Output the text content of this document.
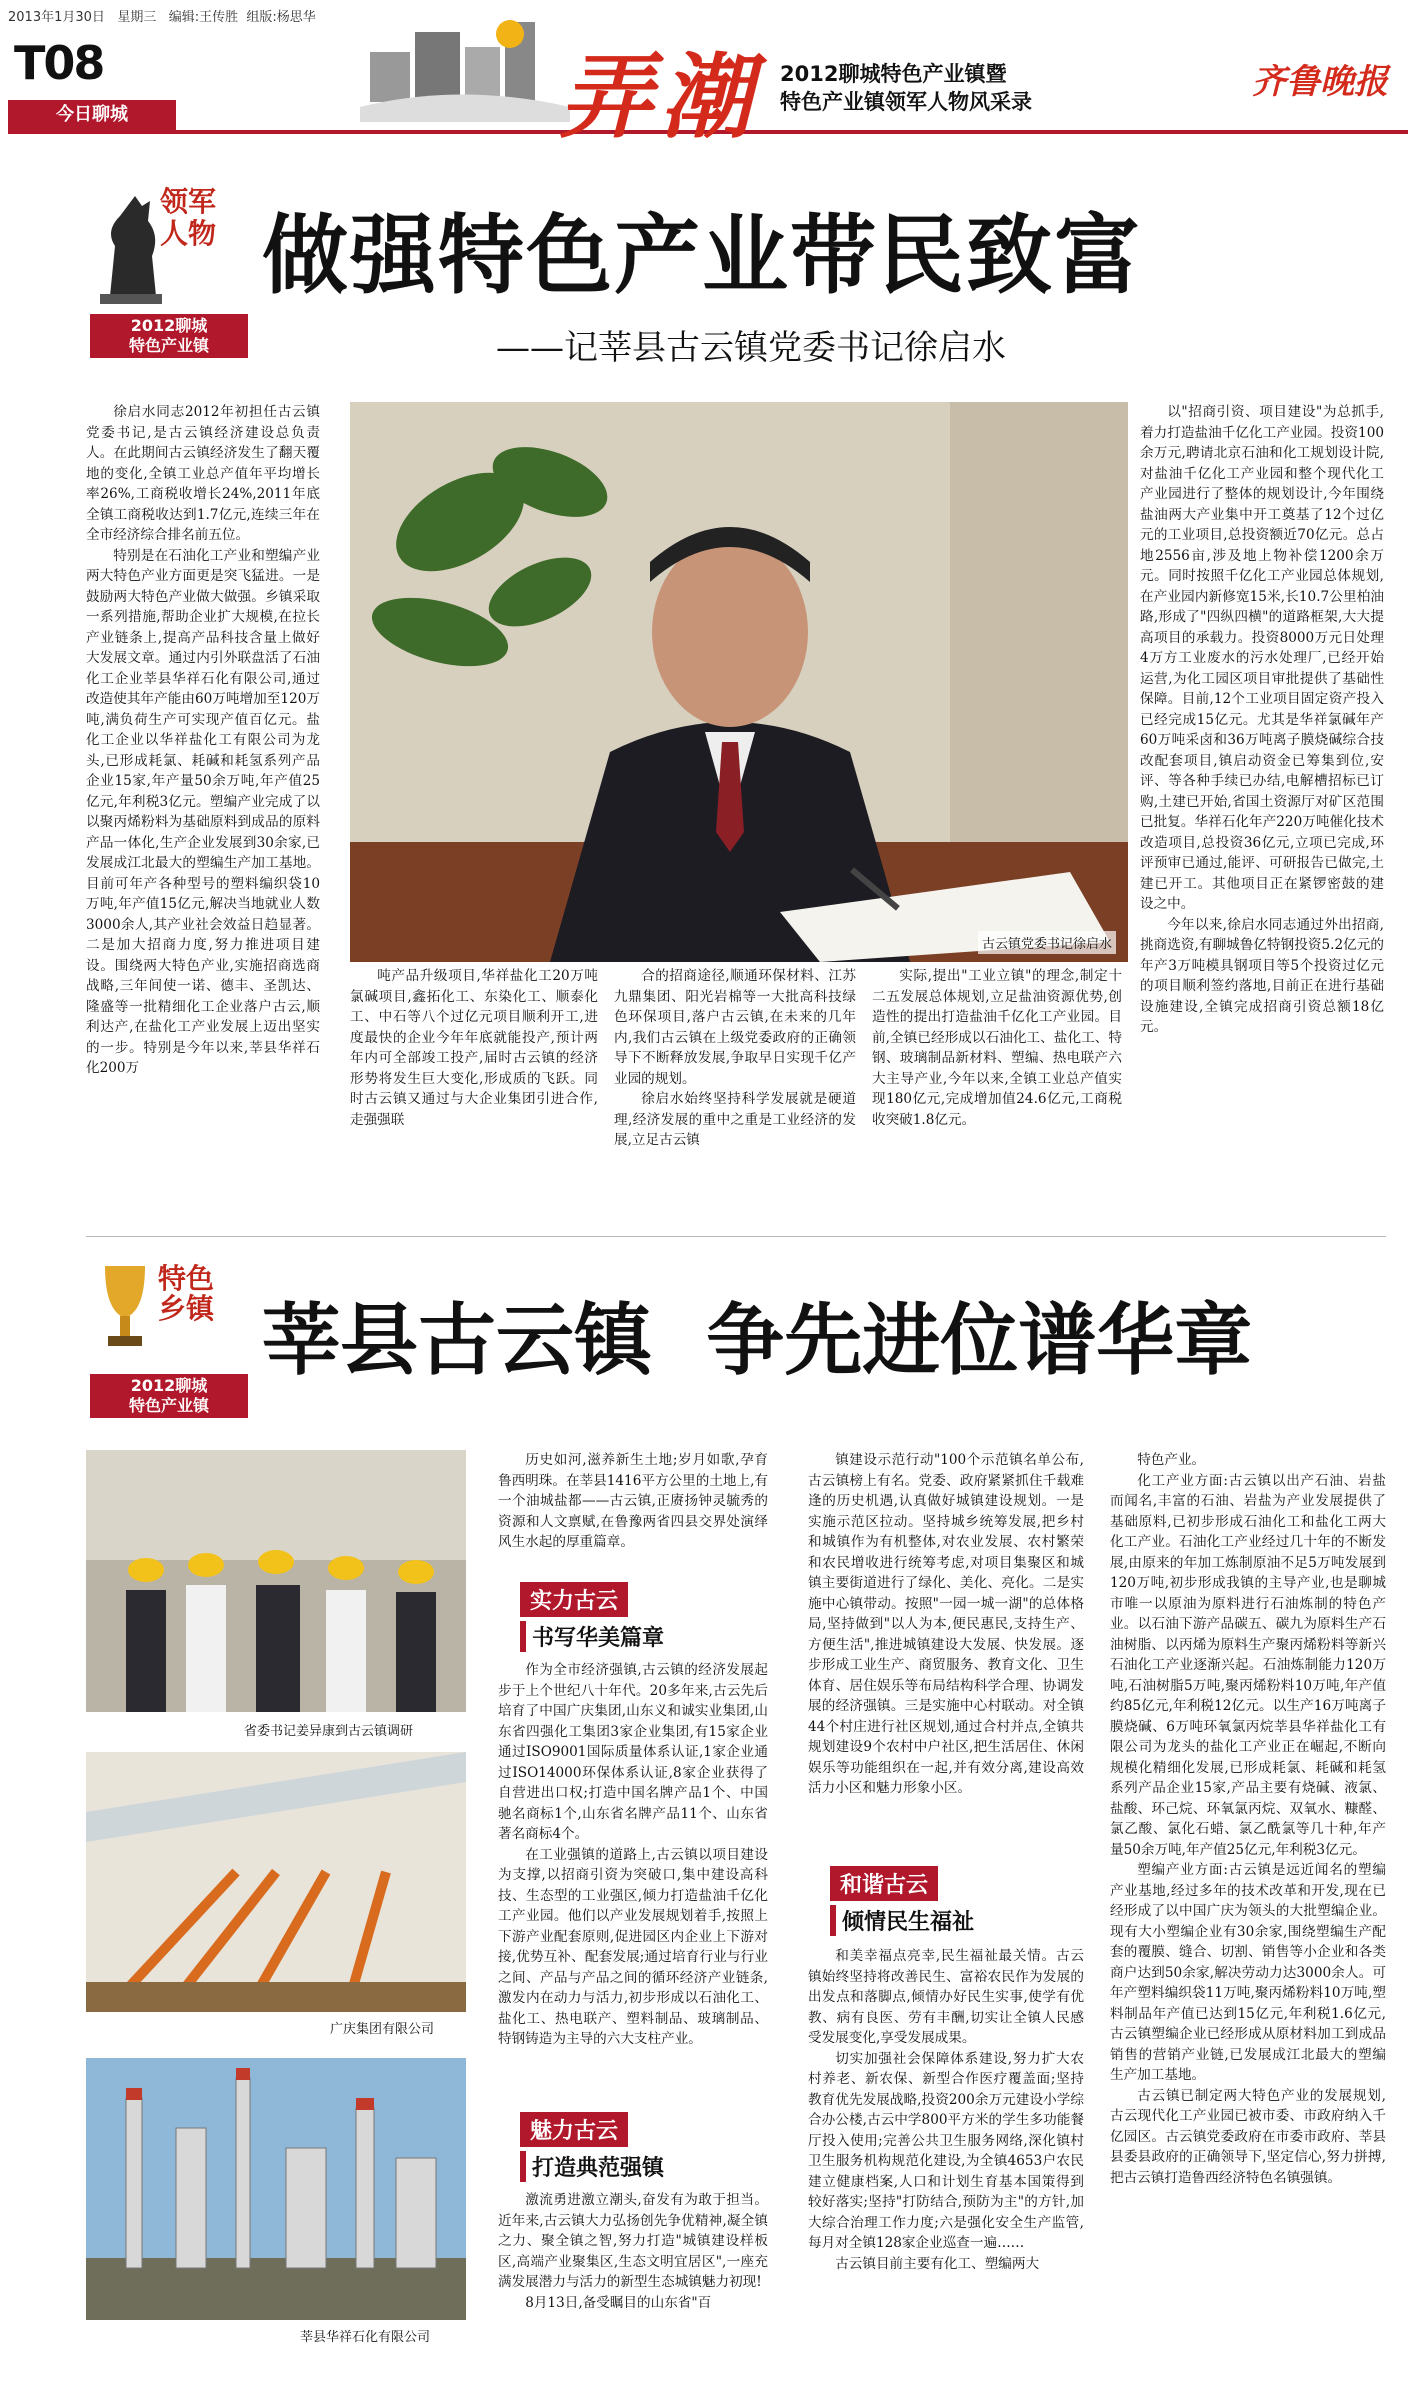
2013年1月30日 星期三 编辑:王传胜 组版:杨思华
T08
今日聊城	弄潮 2012聊城特色产业镇暨
特色产业镇领军人物风采录	齐鲁晚报
领军人物
2012聊城
特色产业镇
做强特色产业带民致富
——记莘县古云镇党委书记徐启水

徐启水同志2012年初担任古云镇党委书记,是古云镇经济建设总负责人。在此期间古云镇经济发生了翻天覆地的变化,全镇工业总产值年平均增长率26%,工商税收增长24%,2011年底全镇工商税收达到1.7亿元,连续三年在全市经济综合排名前五位。

特别是在石油化工产业和塑编产业两大特色产业方面更是突飞猛进。一是鼓励两大特色产业做大做强。乡镇采取一系列措施,帮助企业扩大规模,在拉长产业链条上,提高产品科技含量上做好大发展文章。通过内引外联盘活了石油化工企业莘县华祥石化有限公司,通过改造使其年产能由60万吨增加至120万吨,满负荷生产可实现产值百亿元。盐化工企业以华祥盐化工有限公司为龙头,已形成耗氯、耗碱和耗氢系列产品企业15家,年产量50余万吨,年产值25亿元,年利税3亿元。塑编产业完成了以以聚丙烯粉料为基础原料到成品的原料产品一体化,生产企业发展到30余家,已发展成江北最大的塑编生产加工基地。目前可年产各种型号的塑料编织袋10万吨,年产值15亿元,解决当地就业人数3000余人,其产业社会效益日趋显著。二是加大招商力度,努力推进项目建设。围绕两大特色产业,实施招商选商战略,三年间使一诺、德丰、圣凯达、隆盛等一批精细化工企业落户古云,顺利达产,在盐化工产业发展上迈出坚实的一步。特别是今年以来,莘县华祥石化200万

古云镇党委书记徐启水

吨产品升级项目,华祥盐化工20万吨氯碱项目,鑫拓化工、东染化工、顺泰化工、中石等八个过亿元项目顺利开工,进度最快的企业今年年底就能投产,预计两年内可全部竣工投产,届时古云镇的经济形势将发生巨大变化,形成质的飞跃。同时古云镇又通过与大企业集团引进合作,走强强联

合的招商途径,顺通环保材料、江苏九鼎集团、阳光岩棉等一大批高科技绿色环保项目,落户古云镇,在未来的几年内,我们古云镇在上级党委政府的正确领导下不断释放发展,争取早日实现千亿产业园的规划。

徐启水始终坚持科学发展就是硬道理,经济发展的重中之重是工业经济的发展,立足古云镇

实际,提出"工业立镇"的理念,制定十二五发展总体规划,立足盐油资源优势,创造性的提出打造盐油千亿化工产业园。目前,全镇已经形成以石油化工、盐化工、特钢、玻璃制品新材料、塑编、热电联产六大主导产业,今年以来,全镇工业总产值实现180亿元,完成增加值24.6亿元,工商税收突破1.8亿元。

以"招商引资、项目建设"为总抓手,着力打造盐油千亿化工产业园。投资100余万元,聘请北京石油和化工规划设计院,对盐油千亿化工产业园和整个现代化工产业园进行了整体的规划设计,今年围绕盐油两大产业集中开工奠基了12个过亿元的工业项目,总投资额近70亿元。总占地2556亩,涉及地上物补偿1200余万元。同时按照千亿化工产业园总体规划,在产业园内新修宽15米,长10.7公里柏油路,形成了"四纵四横"的道路框架,大大提高项目的承载力。投资8000万元日处理4万方工业废水的污水处理厂,已经开始运营,为化工园区项目审批提供了基础性保障。目前,12个工业项目固定资产投入已经完成15亿元。尤其是华祥氯碱年产60万吨采卤和36万吨离子膜烧碱综合技改配套项目,镇启动资金已筹集到位,安评、等各种手续已办结,电解槽招标已订购,土建已开始,省国土资源厅对矿区范围已批复。华祥石化年产220万吨催化技术改造项目,总投资36亿元,立项已完成,环评预审已通过,能评、可研报告已做完,土建已开工。其他项目正在紧锣密鼓的建设之中。

今年以来,徐启水同志通过外出招商,挑商选资,有聊城鲁亿特钢投资5.2亿元的年产3万吨模具钢项目等5个投资过亿元的项目顺利签约落地,目前正在进行基础设施建设,全镇完成招商引资总额18亿元。

特色乡镇
2012聊城
特色产业镇
莘县古云镇  争先进位谱华章
省委书记姜异康到古云镇调研
广庆集团有限公司
莘县华祥石化有限公司

历史如河,滋养新生土地;岁月如歌,孕育鲁西明珠。在莘县1416平方公里的土地上,有一个油城盐都——古云镇,正赓扬钟灵毓秀的资源和人文禀赋,在鲁豫两省四县交界处演绎风生水起的厚重篇章。

实力古云
书写华美篇章

作为全市经济强镇,古云镇的经济发展起步于上个世纪八十年代。20多年来,古云先后培育了中国广庆集团,山东义和诚实业集团,山东省四强化工集团3家企业集团,有15家企业通过ISO9001国际质量体系认证,1家企业通过ISO14000环保体系认证,8家企业获得了自营进出口权;打造中国名牌产品1个、中国驰名商标1个,山东省名牌产品11个、山东省著名商标4个。

在工业强镇的道路上,古云镇以项目建设为支撑,以招商引资为突破口,集中建设高科技、生态型的工业强区,倾力打造盐油千亿化工产业园。他们以产业发展规划着手,按照上下游产业配套原则,促进园区内企业上下游对接,优势互补、配套发展;通过培育行业与行业之间、产品与产品之间的循环经济产业链条,激发内在动力与活力,初步形成以石油化工、盐化工、热电联产、塑料制品、玻璃制品、特钢铸造为主导的六大支柱产业。

魅力古云
打造典范强镇

激流勇进激立潮头,奋发有为敢于担当。近年来,古云镇大力弘扬创先争优精神,凝全镇之力、聚全镇之智,努力打造"城镇建设样板区,高端产业聚集区,生态文明宜居区",一座充满发展潜力与活力的新型生态城镇魅力初现!

8月13日,备受瞩目的山东省"百

镇建设示范行动"100个示范镇名单公布,古云镇榜上有名。党委、政府紧紧抓住千载难逢的历史机遇,认真做好城镇建设规划。一是实施示范区拉动。坚持城乡统筹发展,把乡村和城镇作为有机整体,对农业发展、农村繁荣和农民增收进行统筹考虑,对项目集聚区和城镇主要街道进行了绿化、美化、亮化。二是实施中心镇带动。按照"一园一城一湖"的总体格局,坚持做到"以人为本,便民惠民,支持生产、方便生活",推进城镇建设大发展、快发展。逐步形成工业生产、商贸服务、教育文化、卫生体育、居住娱乐等布局结构科学合理、协调发展的经济强镇。三是实施中心村联动。对全镇44个村庄进行社区规划,通过合村并点,全镇共规划建设9个农村中户社区,把生活居住、休闲娱乐等功能组织在一起,并有效分离,建设高效活力小区和魅力形象小区。

和谐古云
倾情民生福祉

和美幸福点亮幸,民生福祉最关情。古云镇始终坚持将改善民生、富裕农民作为发展的出发点和落脚点,倾情办好民生实事,使学有优教、病有良医、劳有丰酬,切实让全镇人民感受发展变化,享受发展成果。

切实加强社会保障体系建设,努力扩大农村养老、新农保、新型合作医疗覆盖面;坚持教育优先发展战略,投资200余万元建设小学综合办公楼,古云中学800平方米的学生多功能餐厅投入使用;完善公共卫生服务网络,深化镇村卫生服务机构规范化建设,为全镇4653户农民建立健康档案,人口和计划生育基本国策得到较好落实;坚持"打防结合,预防为主"的方针,加大综合治理工作力度;六是强化安全生产监管,每月对全镇128家企业巡查一遍……

古云镇目前主要有化工、塑编两大

特色产业。

化工产业方面:古云镇以出产石油、岩盐而闻名,丰富的石油、岩盐为产业发展提供了基础原料,已初步形成石油化工和盐化工两大化工产业。石油化工产业经过几十年的不断发展,由原来的年加工炼制原油不足5万吨发展到120万吨,初步形成我镇的主导产业,也是聊城市唯一以原油为原料进行石油炼制的特色产业。以石油下游产品碳五、碳九为原料生产石油树脂、以丙烯为原料生产聚丙烯粉料等新兴石油化工产业逐渐兴起。石油炼制能力120万吨,石油树脂5万吨,聚丙烯粉料10万吨,年产值约85亿元,年利税12亿元。以生产16万吨离子膜烧碱、6万吨环氧氯丙烷莘县华祥盐化工有限公司为龙头的盐化工产业正在崛起,不断向规模化精细化发展,已形成耗氯、耗碱和耗氢系列产品企业15家,产品主要有烧碱、液氯、盐酸、环己烷、环氧氯丙烷、双氧水、糠醛、氯乙酸、氯化石蜡、氯乙酰氯等几十种,年产量50余万吨,年产值25亿元,年利税3亿元。

塑编产业方面:古云镇是远近闻名的塑编产业基地,经过多年的技术改革和开发,现在已经形成了以中国广庆为领头的大批塑编企业。现有大小塑编企业有30余家,围绕塑编生产配套的覆膜、缝合、切割、销售等小企业和各类商户达到50余家,解决劳动力达3000余人。可年产塑料编织袋11万吨,聚丙烯粉料10万吨,塑料制品年产值已达到15亿元,年利税1.6亿元,古云镇塑编企业已经形成从原材料加工到成品销售的营销产业链,已发展成江北最大的塑编生产加工基地。

古云镇已制定两大特色产业的发展规划,古云现代化工产业园已被市委、市政府纳入千亿园区。古云镇党委政府在市委市政府、莘县县委县政府的正确领导下,坚定信心,努力拼搏,把古云镇打造鲁西经济特色名镇强镇。
